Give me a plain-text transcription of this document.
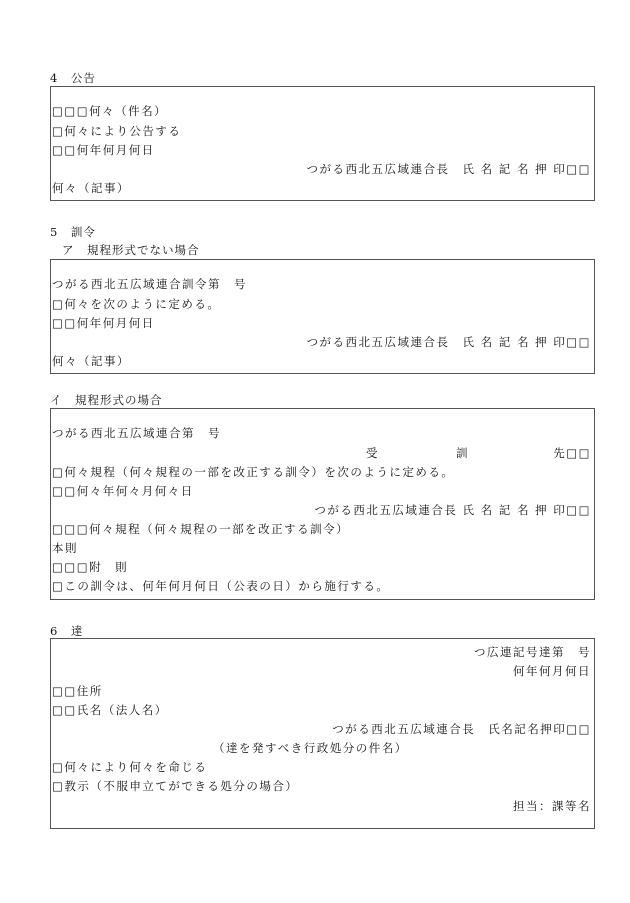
4　公告
□□□何々（件名）
□何々により公告する
□□何年何月何日
つがる西北五広域連合長　氏 名 記 名 押 印□□
何々（記事）
5　訓令
ア　規程形式でない場合
つがる西北五広域連合訓令第　号
□何々を次のように定める。
□□何年何月何日
つがる西北五広域連合長　氏 名 記 名 押 印□□
何々（記事）
イ　規程形式の場合
つがる西北五広域連合第　号
受	訓	先□□
□何々規程（何々規程の一部を改正する訓令）を次のように定める。
□□何々年何々月何々日
つがる西北五広域連合長 氏 名 記 名 押 印□□
□□□何々規程（何々規程の一部を改正する訓令）
本則
□□□附　則
□この訓令は、何年何月何日（公表の日）から施行する。
6　達
つ広連記号達第　号
何年何月何日
□□住所
□□氏名（法人名）
つがる西北五広域連合長　氏名記名押印□□
（達を発すべき行政処分の件名）
□何々により何々を命じる
□教示（不服申立てができる処分の場合）
担当：課等名
